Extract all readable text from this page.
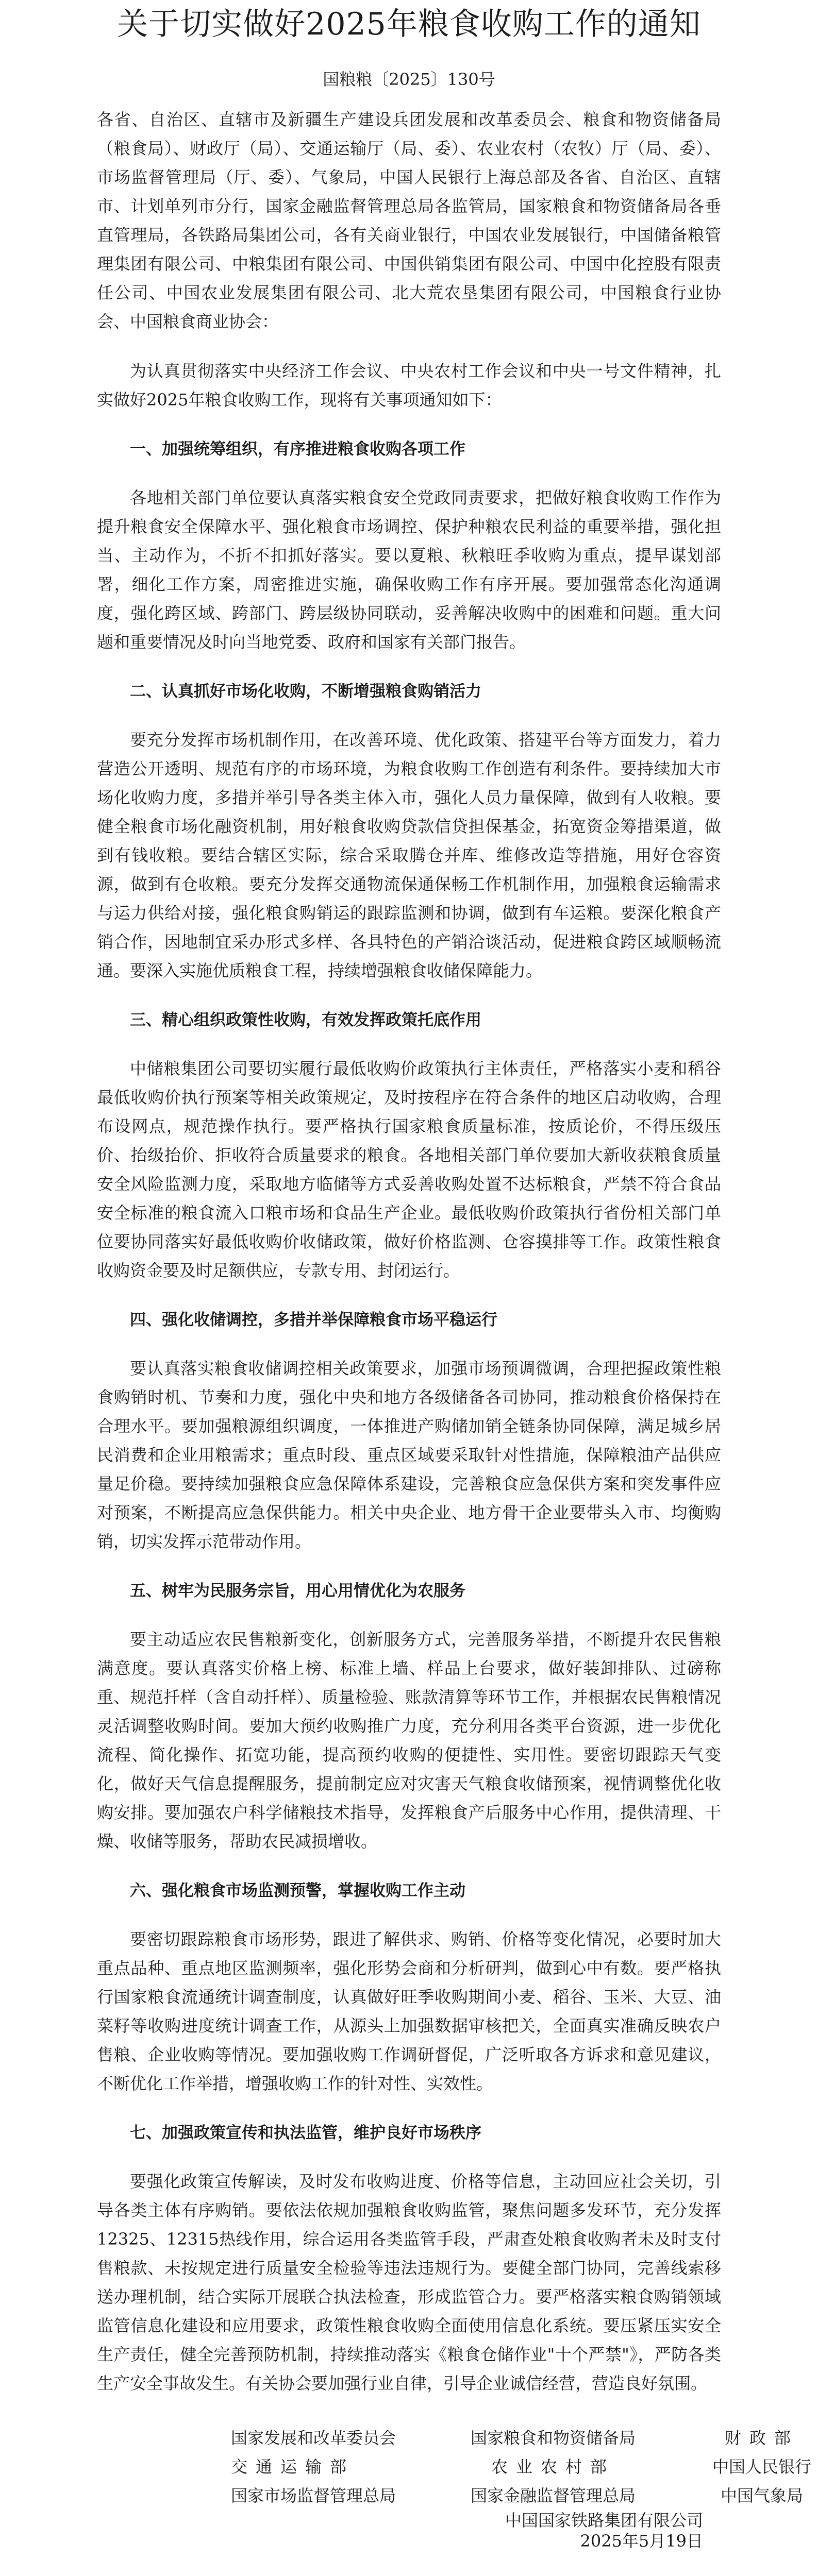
关于切实做好2025年粮食收购工作的通知
国粮粮〔2025〕130号

各省、自治区、直辖市及新疆生产建设兵团发展和改革委员会、粮食和物资储备局（粮食局）、财政厅（局）、交通运输厅（局、委）、农业农村（农牧）厅（局、委）、市场监督管理局（厅、委）、气象局，中国人民银行上海总部及各省、自治区、直辖市、计划单列市分行，国家金融监督管理总局各监管局，国家粮食和物资储备局各垂直管理局，各铁路局集团公司，各有关商业银行，中国农业发展银行，中国储备粮管理集团有限公司、中粮集团有限公司、中国供销集团有限公司、中国中化控股有限责任公司、中国农业发展集团有限公司、北大荒农垦集团有限公司，中国粮食行业协会、中国粮食商业协会：

为认真贯彻落实中央经济工作会议、中央农村工作会议和中央一号文件精神，扎实做好2025年粮食收购工作，现将有关事项通知如下：

一、加强统筹组织，有序推进粮食收购各项工作

各地相关部门单位要认真落实粮食安全党政同责要求，把做好粮食收购工作作为提升粮食安全保障水平、强化粮食市场调控、保护种粮农民利益的重要举措，强化担当、主动作为，不折不扣抓好落实。要以夏粮、秋粮旺季收购为重点，提早谋划部署，细化工作方案，周密推进实施，确保收购工作有序开展。要加强常态化沟通调度，强化跨区域、跨部门、跨层级协同联动，妥善解决收购中的困难和问题。重大问题和重要情况及时向当地党委、政府和国家有关部门报告。

二、认真抓好市场化收购，不断增强粮食购销活力

要充分发挥市场机制作用，在改善环境、优化政策、搭建平台等方面发力，着力营造公开透明、规范有序的市场环境，为粮食收购工作创造有利条件。要持续加大市场化收购力度，多措并举引导各类主体入市，强化人员力量保障，做到有人收粮。要健全粮食市场化融资机制，用好粮食收购贷款信贷担保基金，拓宽资金筹措渠道，做到有钱收粮。要结合辖区实际，综合采取腾仓并库、维修改造等措施，用好仓容资源，做到有仓收粮。要充分发挥交通物流保通保畅工作机制作用，加强粮食运输需求与运力供给对接，强化粮食购销运的跟踪监测和协调，做到有车运粮。要深化粮食产销合作，因地制宜采办形式多样、各具特色的产销洽谈活动，促进粮食跨区域顺畅流通。要深入实施优质粮食工程，持续增强粮食收储保障能力。

三、精心组织政策性收购，有效发挥政策托底作用

中储粮集团公司要切实履行最低收购价政策执行主体责任，严格落实小麦和稻谷最低收购价执行预案等相关政策规定，及时按程序在符合条件的地区启动收购，合理布设网点，规范操作执行。要严格执行国家粮食质量标准，按质论价，不得压级压价、抬级抬价、拒收符合质量要求的粮食。各地相关部门单位要加大新收获粮食质量安全风险监测力度，采取地方临储等方式妥善收购处置不达标粮食，严禁不符合食品安全标准的粮食流入口粮市场和食品生产企业。最低收购价政策执行省份相关部门单位要协同落实好最低收购价收储政策，做好价格监测、仓容摸排等工作。政策性粮食收购资金要及时足额供应，专款专用、封闭运行。

四、强化收储调控，多措并举保障粮食市场平稳运行

要认真落实粮食收储调控相关政策要求，加强市场预调微调，合理把握政策性粮食购销时机、节奏和力度，强化中央和地方各级储备各司协同，推动粮食价格保持在合理水平。要加强粮源组织调度，一体推进产购储加销全链条协同保障，满足城乡居民消费和企业用粮需求；重点时段、重点区域要采取针对性措施，保障粮油产品供应量足价稳。要持续加强粮食应急保障体系建设，完善粮食应急保供方案和突发事件应对预案，不断提高应急保供能力。相关中央企业、地方骨干企业要带头入市、均衡购销，切实发挥示范带动作用。

五、树牢为民服务宗旨，用心用情优化为农服务

要主动适应农民售粮新变化，创新服务方式，完善服务举措，不断提升农民售粮满意度。要认真落实价格上榜、标准上墙、样品上台要求，做好装卸排队、过磅称重、规范扦样（含自动扦样）、质量检验、账款清算等环节工作，并根据农民售粮情况灵活调整收购时间。要加大预约收购推广力度，充分利用各类平台资源，进一步优化流程、简化操作、拓宽功能，提高预约收购的便捷性、实用性。要密切跟踪天气变化，做好天气信息提醒服务，提前制定应对灾害天气粮食收储预案，视情调整优化收购安排。要加强农户科学储粮技术指导，发挥粮食产后服务中心作用，提供清理、干燥、收储等服务，帮助农民减损增收。

六、强化粮食市场监测预警，掌握收购工作主动

要密切跟踪粮食市场形势，跟进了解供求、购销、价格等变化情况，必要时加大重点品种、重点地区监测频率，强化形势会商和分析研判，做到心中有数。要严格执行国家粮食流通统计调查制度，认真做好旺季收购期间小麦、稻谷、玉米、大豆、油菜籽等收购进度统计调查工作，从源头上加强数据审核把关，全面真实准确反映农户售粮、企业收购等情况。要加强收购工作调研督促，广泛听取各方诉求和意见建议，不断优化工作举措，增强收购工作的针对性、实效性。

七、加强政策宣传和执法监管，维护良好市场秩序

要强化政策宣传解读，及时发布收购进度、价格等信息，主动回应社会关切，引导各类主体有序购销。要依法依规加强粮食收购监管，聚焦问题多发环节，充分发挥12325、12315热线作用，综合运用各类监管手段，严肃查处粮食收购者未及时支付售粮款、未按规定进行质量安全检验等违法违规行为。要健全部门协同，完善线索移送办理机制，结合实际开展联合执法检查，形成监管合力。要严格落实粮食购销领域监管信息化建设和应用要求，政策性粮食收购全面使用信息化系统。要压紧压实安全生产责任，健全完善预防机制，持续推动落实《粮食仓储作业"十个严禁"》，严防各类生产安全事故发生。有关协会要加强行业自律，引导企业诚信经营，营造良好氛围。

国家发展和改革委员会	国家粮食和物资储备局	财政部
交通运输部	农业农村部	中国人民银行
国家市场监督管理总局	国家金融监督管理总局	中国气象局
中国国家铁路集团有限公司
2025年5月19日
